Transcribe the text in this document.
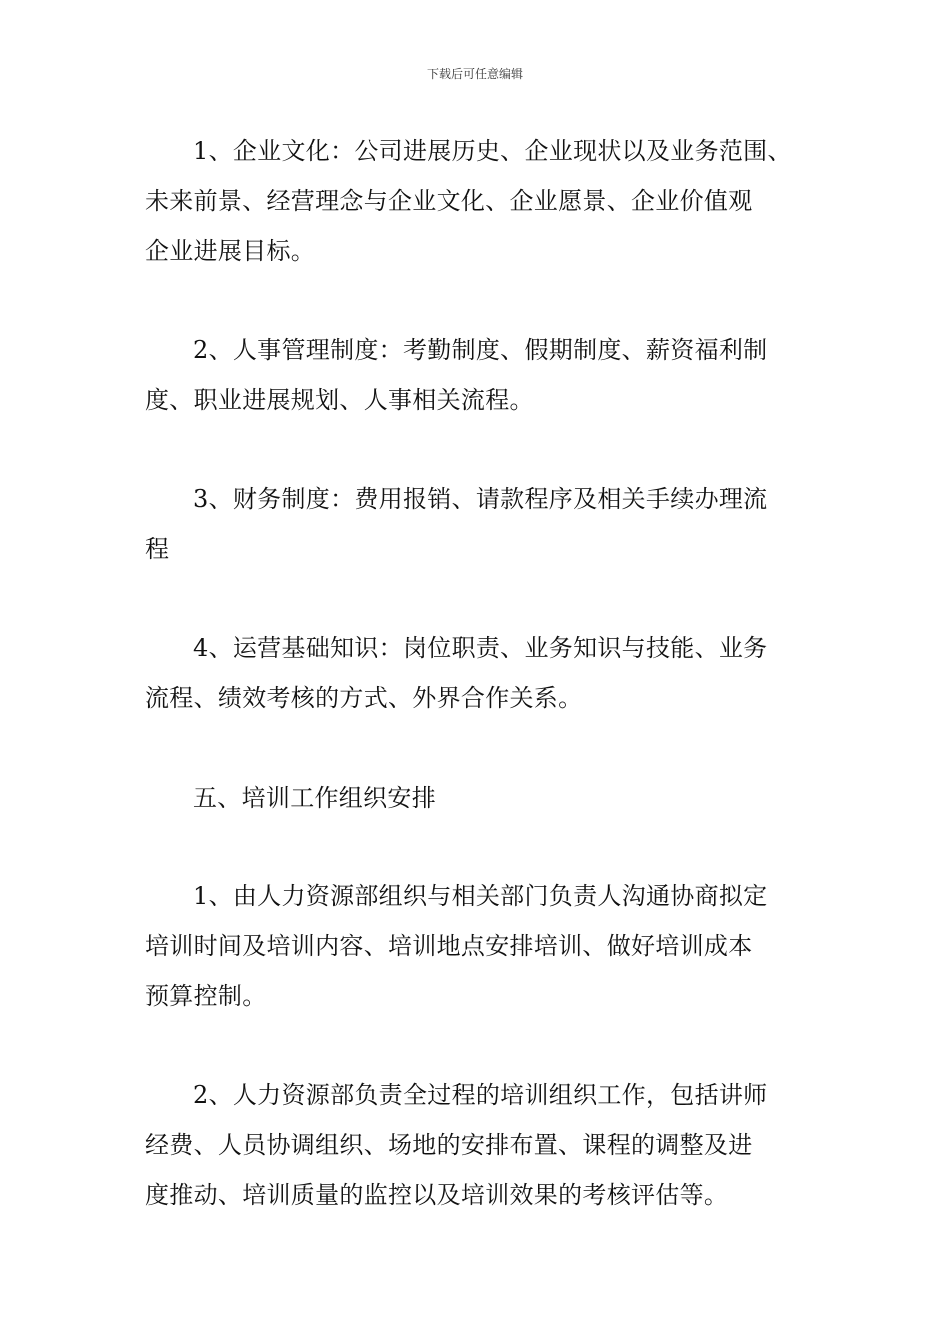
下载后可任意编辑
1、企业文化：公司进展历史、企业现状以及业务范围、
未来前景、经营理念与企业文化、企业愿景、企业价值观
企业进展目标。
2、人事管理制度：考勤制度、假期制度、薪资福利制
度、职业进展规划、人事相关流程。
3、财务制度：费用报销、请款程序及相关手续办理流
程
4、运营基础知识：岗位职责、业务知识与技能、业务
流程、绩效考核的方式、外界合作关系。
五、培训工作组织安排
1、由人力资源部组织与相关部门负责人沟通协商拟定
培训时间及培训内容、培训地点安排培训、做好培训成本
预算控制。
2、人力资源部负责全过程的培训组织工作，包括讲师
经费、人员协调组织、场地的安排布置、课程的调整及进
度推动、培训质量的监控以及培训效果的考核评估等。
